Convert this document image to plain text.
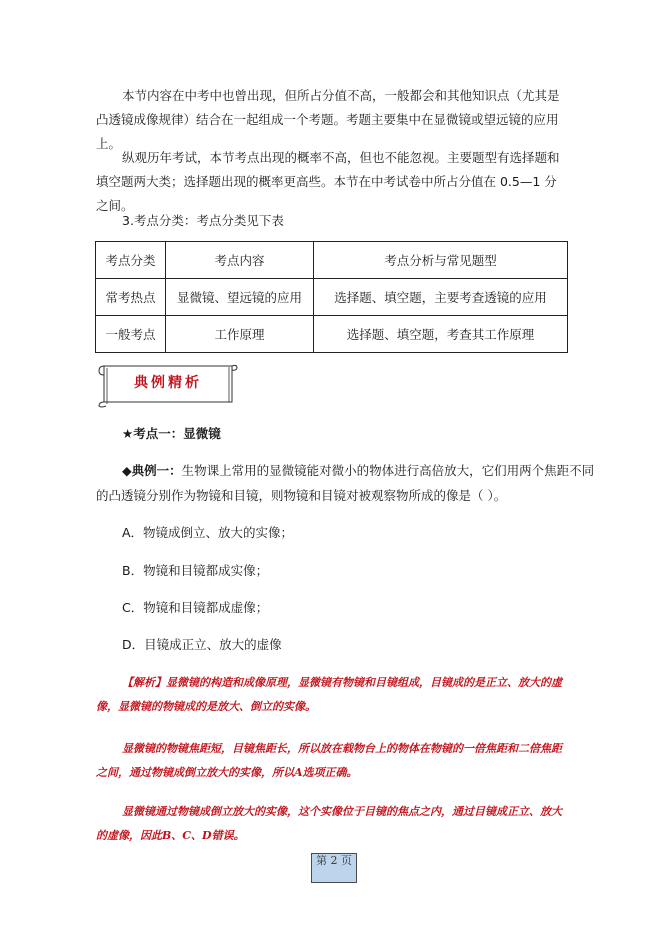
本节内容在中考中也曾出现，但所占分值不高，一般都会和其他知识点（尤其是凸透镜成像规律）结合在一起组成一个考题。考题主要集中在显微镜或望远镜的应用上。

纵观历年考试，本节考点出现的概率不高，但也不能忽视。主要题型有选择题和填空题两大类；选择题出现的概率更高些。本节在中考试卷中所占分值在 0.5—1 分之间。

3.考点分类：考点分类见下表
考点分类	考点内容	考点分析与常见题型
常考热点	显微镜、望远镜的应用	选择题、填空题，主要考查透镜的应用
一般考点	工作原理	选择题、填空题，考查其工作原理
典例精析
★考点一：显微镜
◆典例一：生物课上常用的显微镜能对微小的物体进行高倍放大，它们用两个焦距不同
的凸透镜分别作为物镜和目镜，则物镜和目镜对被观察物所成的像是（ ）。
A．物镜成倒立、放大的实像；
B．物镜和目镜都成实像；
C．物镜和目镜都成虚像；
D．目镜成正立、放大的虚像

【解析】显微镜的构造和成像原理，显微镜有物镜和目镜组成，目镜成的是正立、放大的虚像，显微镜的物镜成的是放大、倒立的实像。

显微镜的物镜焦距短，目镜焦距长，所以放在载物台上的物体在物镜的一倍焦距和二倍焦距之间，通过物镜成倒立放大的实像，所以A选项正确。

显微镜通过物镜成倒立放大的实像，这个实像位于目镜的焦点之内，通过目镜成正立、放大的虚像，因此B、C、D错误。

第 2 页
